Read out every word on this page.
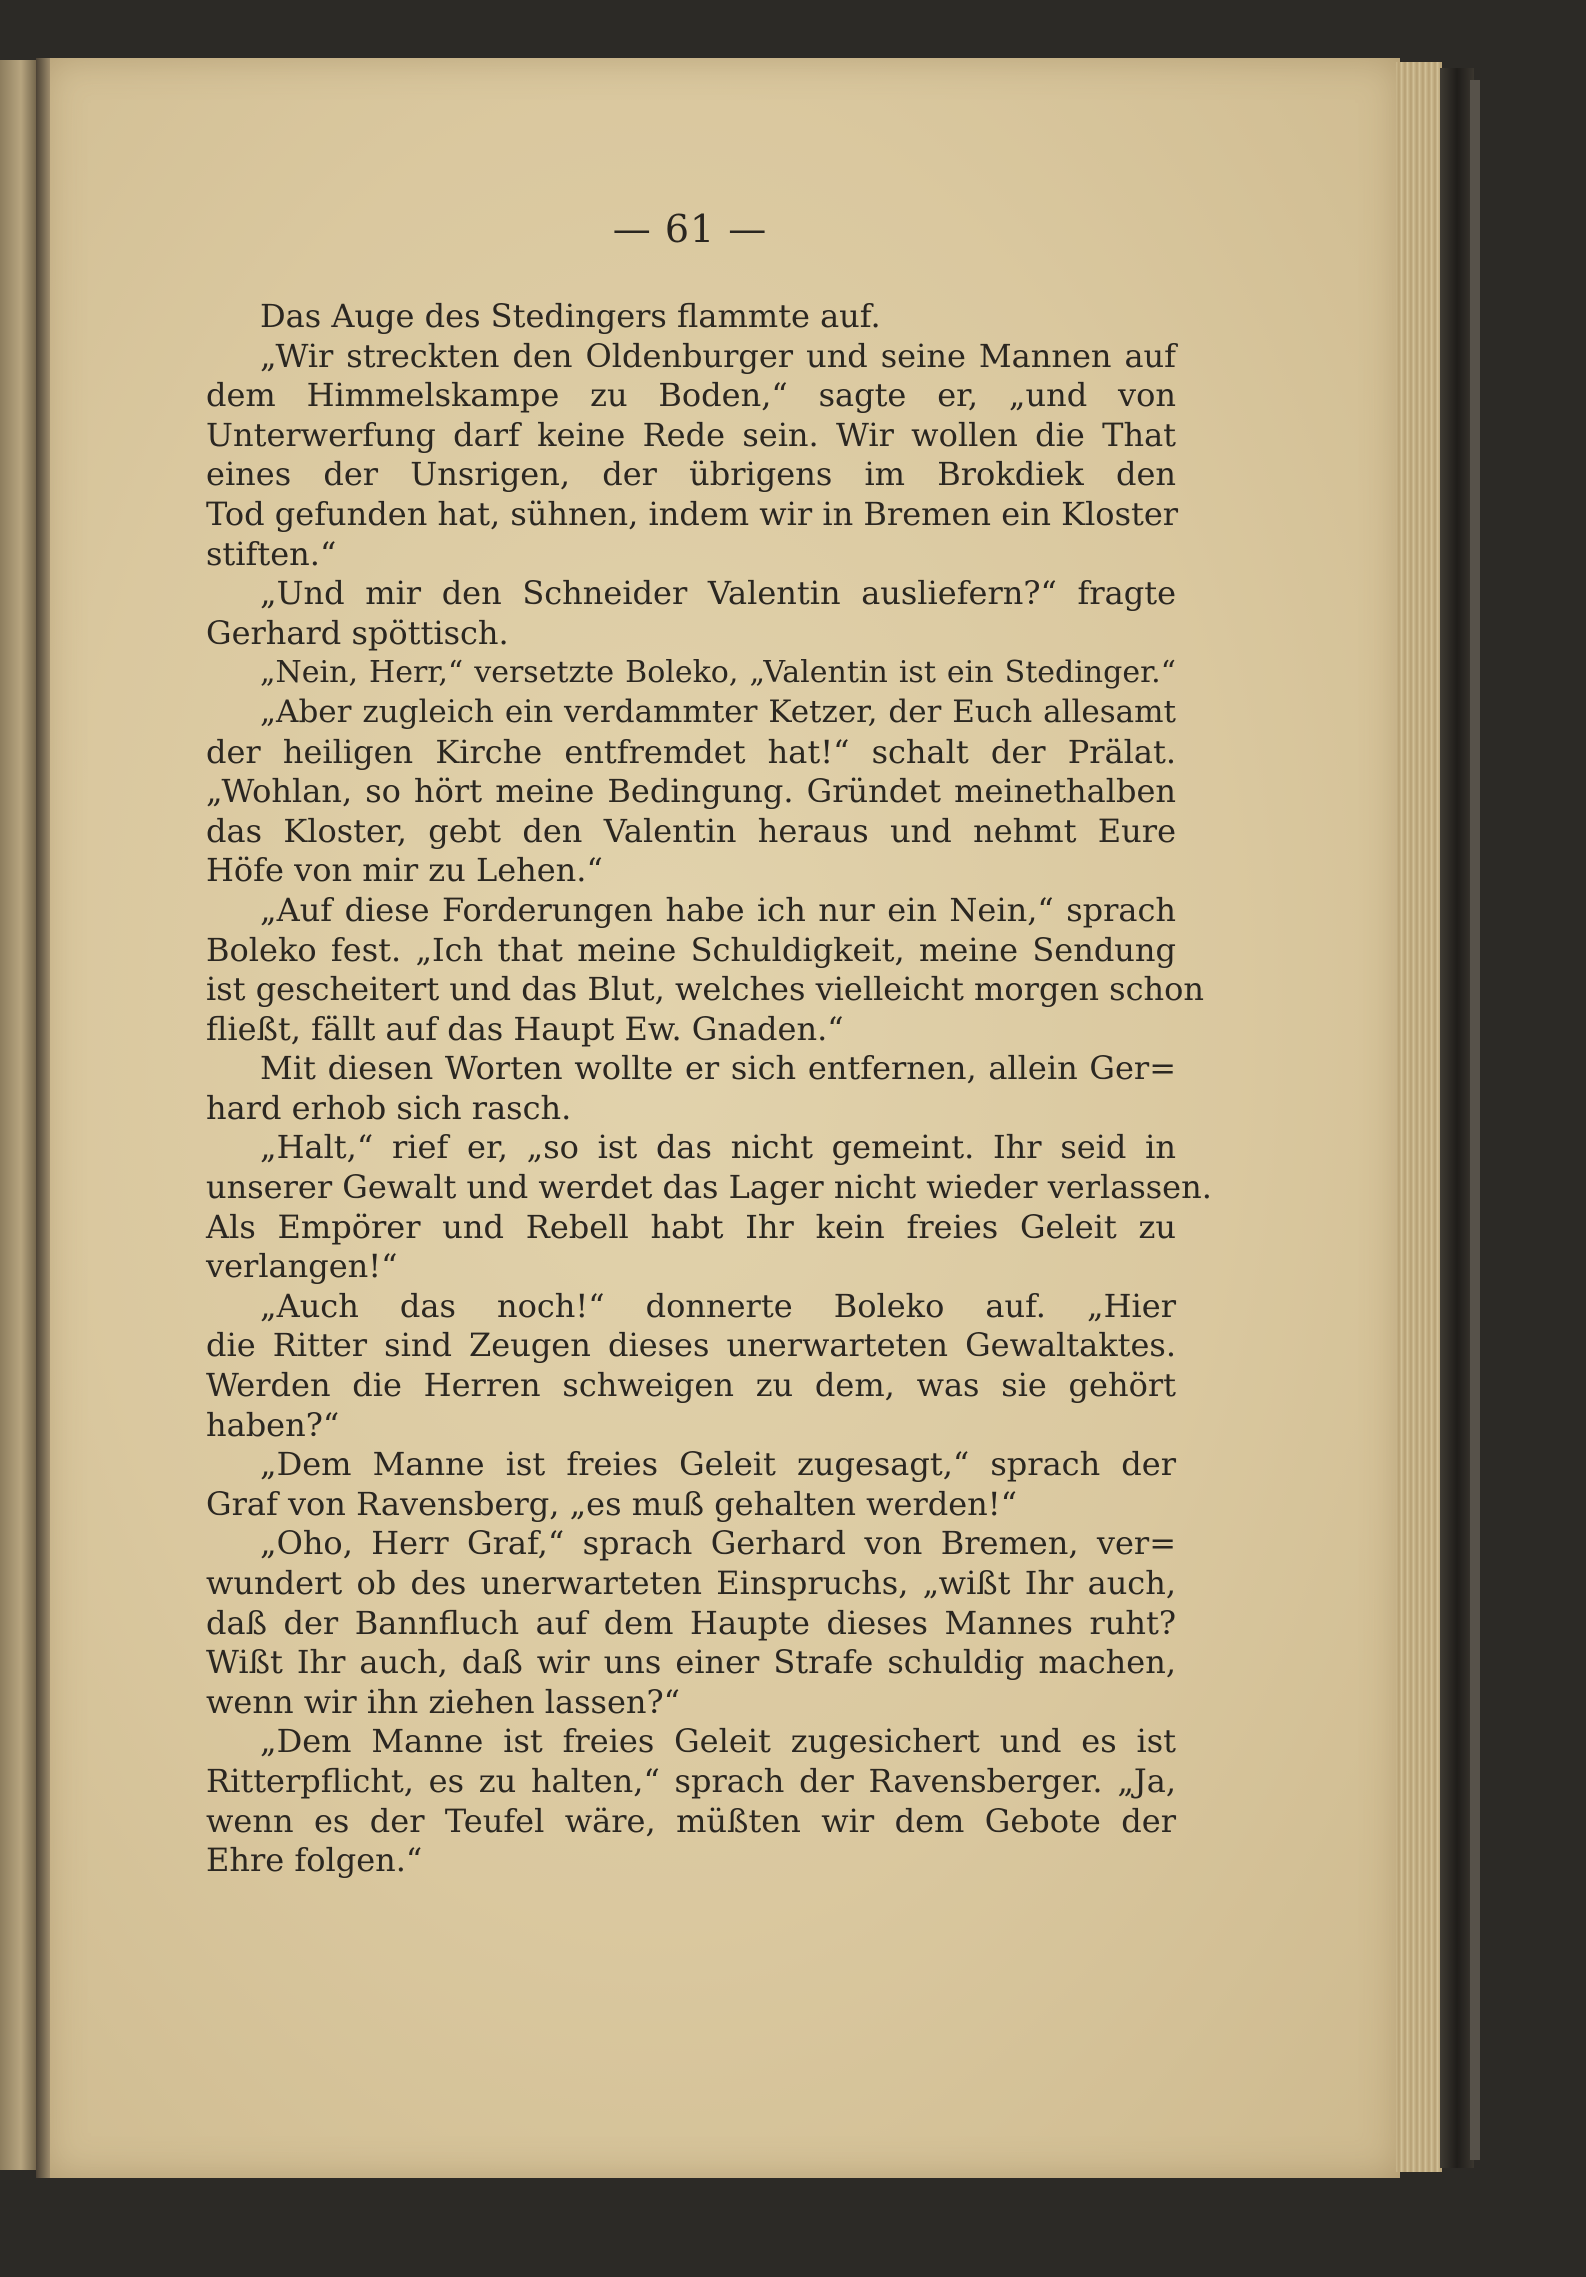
— 61 —
Das Auge des Stedingers flammte auf.
„Wir streckten den Oldenburger und seine Mannen auf
dem Himmelskampe zu Boden,“ sagte er, „und von
Unterwerfung darf keine Rede sein. Wir wollen die That
eines der Unsrigen, der übrigens im Brokdiek den
Tod gefunden hat, sühnen, indem wir in Bremen ein Kloster
stiften.“
„Und mir den Schneider Valentin ausliefern?“ fragte
Gerhard spöttisch.
„Nein, Herr,“ versetzte Boleko, „Valentin ist ein Stedinger.“
„Aber zugleich ein verdammter Ketzer, der Euch allesamt
der heiligen Kirche entfremdet hat!“ schalt der Prälat.
„Wohlan, so hört meine Bedingung. Gründet meinethalben
das Kloster, gebt den Valentin heraus und nehmt Eure
Höfe von mir zu Lehen.“
„Auf diese Forderungen habe ich nur ein Nein,“ sprach
Boleko fest. „Ich that meine Schuldigkeit, meine Sendung
ist gescheitert und das Blut, welches vielleicht morgen schon
fließt, fällt auf das Haupt Ew. Gnaden.“
Mit diesen Worten wollte er sich entfernen, allein Ger=
hard erhob sich rasch.
„Halt,“ rief er, „so ist das nicht gemeint. Ihr seid in
unserer Gewalt und werdet das Lager nicht wieder verlassen.
Als Empörer und Rebell habt Ihr kein freies Geleit zu
verlangen!“
„Auch das noch!“ donnerte Boleko auf. „Hier
die Ritter sind Zeugen dieses unerwarteten Gewaltaktes.
Werden die Herren schweigen zu dem, was sie gehört
haben?“
„Dem Manne ist freies Geleit zugesagt,“ sprach der
Graf von Ravensberg, „es muß gehalten werden!“
„Oho, Herr Graf,“ sprach Gerhard von Bremen, ver=
wundert ob des unerwarteten Einspruchs, „wißt Ihr auch,
daß der Bannfluch auf dem Haupte dieses Mannes ruht?
Wißt Ihr auch, daß wir uns einer Strafe schuldig machen,
wenn wir ihn ziehen lassen?“
„Dem Manne ist freies Geleit zugesichert und es ist
Ritterpflicht, es zu halten,“ sprach der Ravensberger. „Ja,
wenn es der Teufel wäre, müßten wir dem Gebote der
Ehre folgen.“
